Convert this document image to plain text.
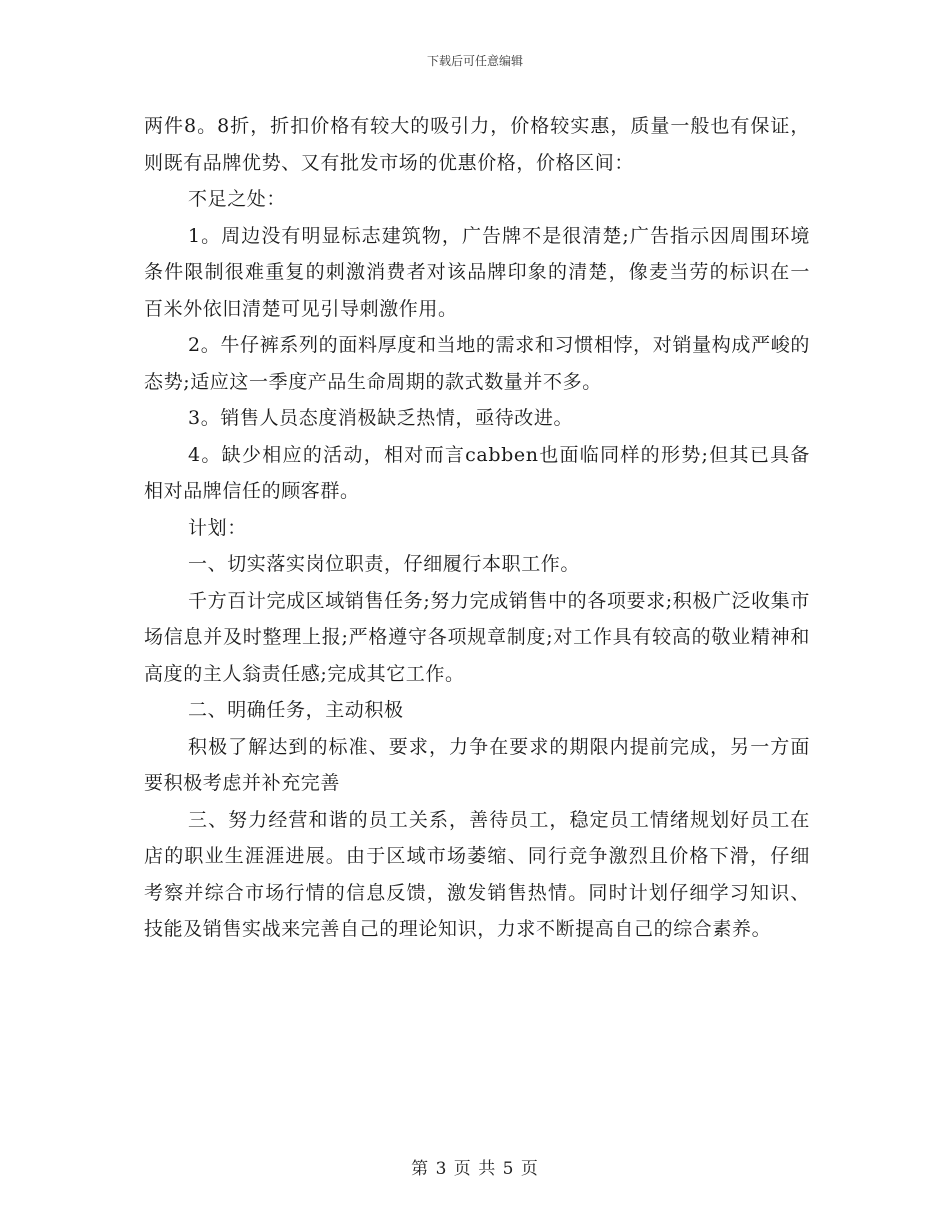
下载后可任意编辑

两件8。8折，折扣价格有较大的吸引力，价格较实惠，质量一般也有保证，则既有品牌优势、又有批发市场的优惠价格，价格区间：

不足之处：

1。周边没有明显标志建筑物，广告牌不是很清楚;广告指示因周围环境条件限制很难重复的刺激消费者对该品牌印象的清楚，像麦当劳的标识在一百米外依旧清楚可见引导刺激作用。

2。牛仔裤系列的面料厚度和当地的需求和习惯相悖，对销量构成严峻的态势;适应这一季度产品生命周期的款式数量并不多。

3。销售人员态度消极缺乏热情，亟待改进。

4。缺少相应的活动，相对而言cabben也面临同样的形势;但其已具备相对品牌信任的顾客群。

计划：

一、切实落实岗位职责，仔细履行本职工作。

千方百计完成区域销售任务;努力完成销售中的各项要求;积极广泛收集市场信息并及时整理上报;严格遵守各项规章制度;对工作具有较高的敬业精神和高度的主人翁责任感;完成其它工作。

二、明确任务，主动积极

积极了解达到的标准、要求，力争在要求的期限内提前完成，另一方面要积极考虑并补充完善

三、努力经营和谐的员工关系，善待员工，稳定员工情绪规划好员工在店的职业生涯涯进展。由于区域市场萎缩、同行竞争激烈且价格下滑，仔细考察并综合市场行情的信息反馈，激发销售热情。同时计划仔细学习知识、技能及销售实战来完善自己的理论知识，力求不断提高自己的综合素养。

第 3 页 共 5 页
